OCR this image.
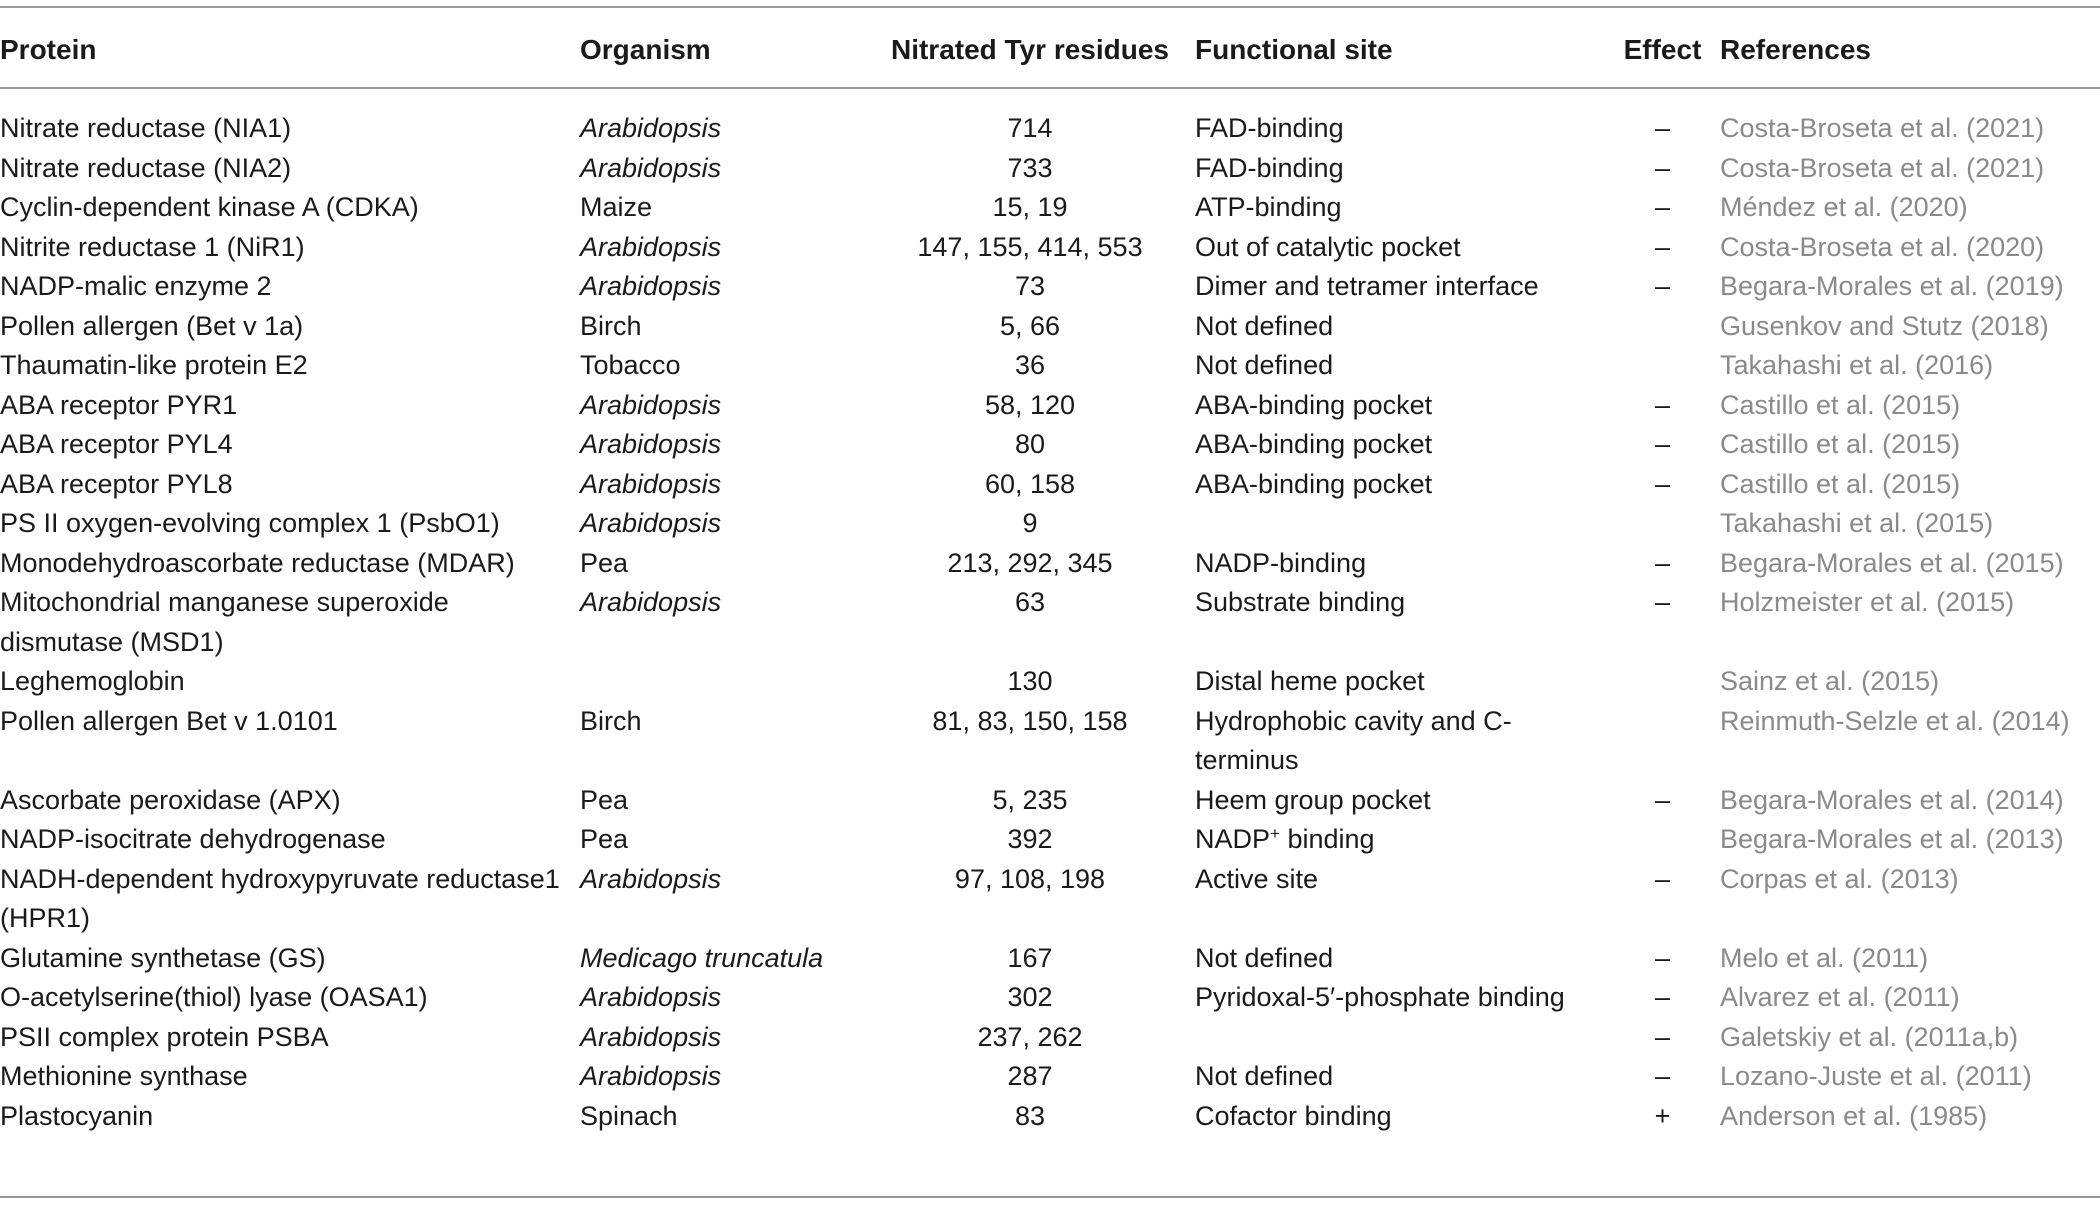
Protein	Organism	Nitrated Tyr residues	Functional site	Effect	References

Nitrate reductase (NIA1)	Arabidopsis	714	FAD-binding	–	Costa-Broseta et al. (2021)
Nitrate reductase (NIA2)	Arabidopsis	733	FAD-binding	–	Costa-Broseta et al. (2021)
Cyclin-dependent kinase A (CDKA)	Maize	15, 19	ATP-binding	–	Méndez et al. (2020)
Nitrite reductase 1 (NiR1)	Arabidopsis	147, 155, 414, 553	Out of catalytic pocket	–	Costa-Broseta et al. (2020)
NADP-malic enzyme 2	Arabidopsis	73	Dimer and tetramer interface	–	Begara-Morales et al. (2019)
Pollen allergen (Bet v 1a)	Birch	5, 66	Not defined		Gusenkov and Stutz (2018)
Thaumatin-like protein E2	Tobacco	36	Not defined		Takahashi et al. (2016)
ABA receptor PYR1	Arabidopsis	58, 120	ABA-binding pocket	–	Castillo et al. (2015)
ABA receptor PYL4	Arabidopsis	80	ABA-binding pocket	–	Castillo et al. (2015)
ABA receptor PYL8	Arabidopsis	60, 158	ABA-binding pocket	–	Castillo et al. (2015)
PS II oxygen-evolving complex 1 (PsbO1)	Arabidopsis	9			Takahashi et al. (2015)
Monodehydroascorbate reductase (MDAR)	Pea	213, 292, 345	NADP-binding	–	Begara-Morales et al. (2015)
Mitochondrial manganese superoxide dismutase (MSD1)	Arabidopsis	63	Substrate binding	–	Holzmeister et al. (2015)
Leghemoglobin		130	Distal heme pocket		Sainz et al. (2015)
Pollen allergen Bet v 1.0101	Birch	81, 83, 150, 158	Hydrophobic cavity and C-terminus		Reinmuth-Selzle et al. (2014)
Ascorbate peroxidase (APX)	Pea	5, 235	Heem group pocket	–	Begara-Morales et al. (2014)
NADP-isocitrate dehydrogenase	Pea	392	NADP+ binding		Begara-Morales et al. (2013)
NADH-dependent hydroxypyruvate reductase1 (HPR1)	Arabidopsis	97, 108, 198	Active site	–	Corpas et al. (2013)
Glutamine synthetase (GS)	Medicago truncatula	167	Not defined	–	Melo et al. (2011)
O-acetylserine(thiol) lyase (OASA1)	Arabidopsis	302	Pyridoxal-5′-phosphate binding	–	Alvarez et al. (2011)
PSII complex protein PSBA	Arabidopsis	237, 262		–	Galetskiy et al. (2011a,b)
Methionine synthase	Arabidopsis	287	Not defined	–	Lozano-Juste et al. (2011)
Plastocyanin	Spinach	83	Cofactor binding	+	Anderson et al. (1985)
